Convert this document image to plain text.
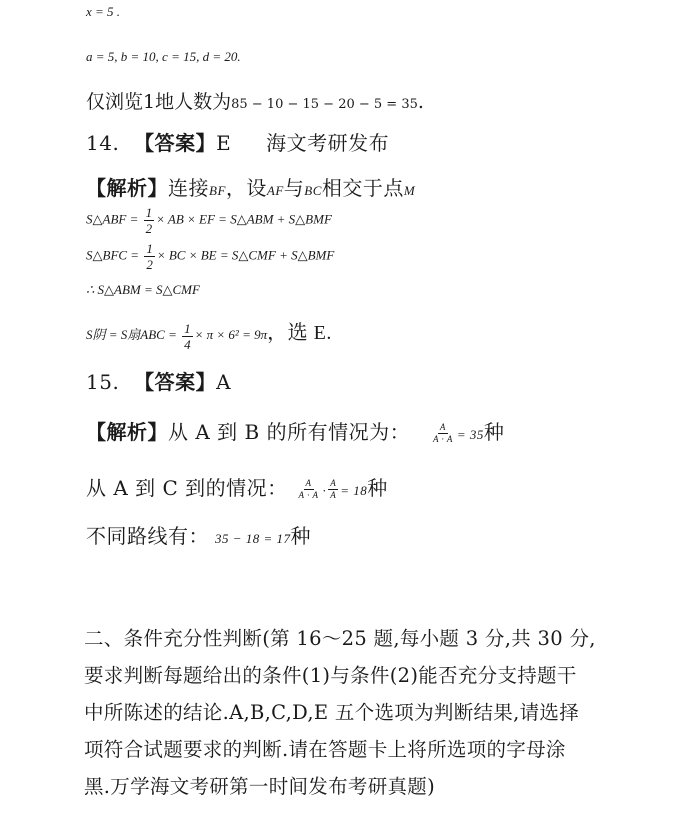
x = 5 .
a = 5, b = 10, c = 15, d = 20.
仅浏览1地人数为85 − 10 − 15 − 20 − 5 = 35.
14. 【答案】E 海文考研发布
【解析】连接BF，设AF与BC相交于点M
S△ABF = $\frac{1}{2}$ × AB × EF = S△ABM + S△BMF
S△BFC = $\frac{1}{2}$ × BC × BE = S△CMF + S△BMF
∴ S△ABM = S△CMF
S阴 = S扇ABC = $\frac{1}{4} \times \pi \times 6^2 = 9\pi$，选 E.
15. 【答案】A
【解析】从 A 到 B 的所有情况为： $\frac{A}{A \cdot A} = 35$种
从 A 到 C 到的情况： $\frac{A}{A \cdot A} \cdot \frac{A}{A} = 18$种
不同路线有： 35 − 18 = 17种
二、条件充分性判断(第 16～25 题,每小题 3 分,共 30 分,
要求判断每题给出的条件(1)与条件(2)能否充分支持题干
中所陈述的结论.A,B,C,D,E 五个选项为判断结果,请选择
项符合试题要求的判断.请在答题卡上将所选项的字母涂
黑.万学海文考研第一时间发布考研真题)
